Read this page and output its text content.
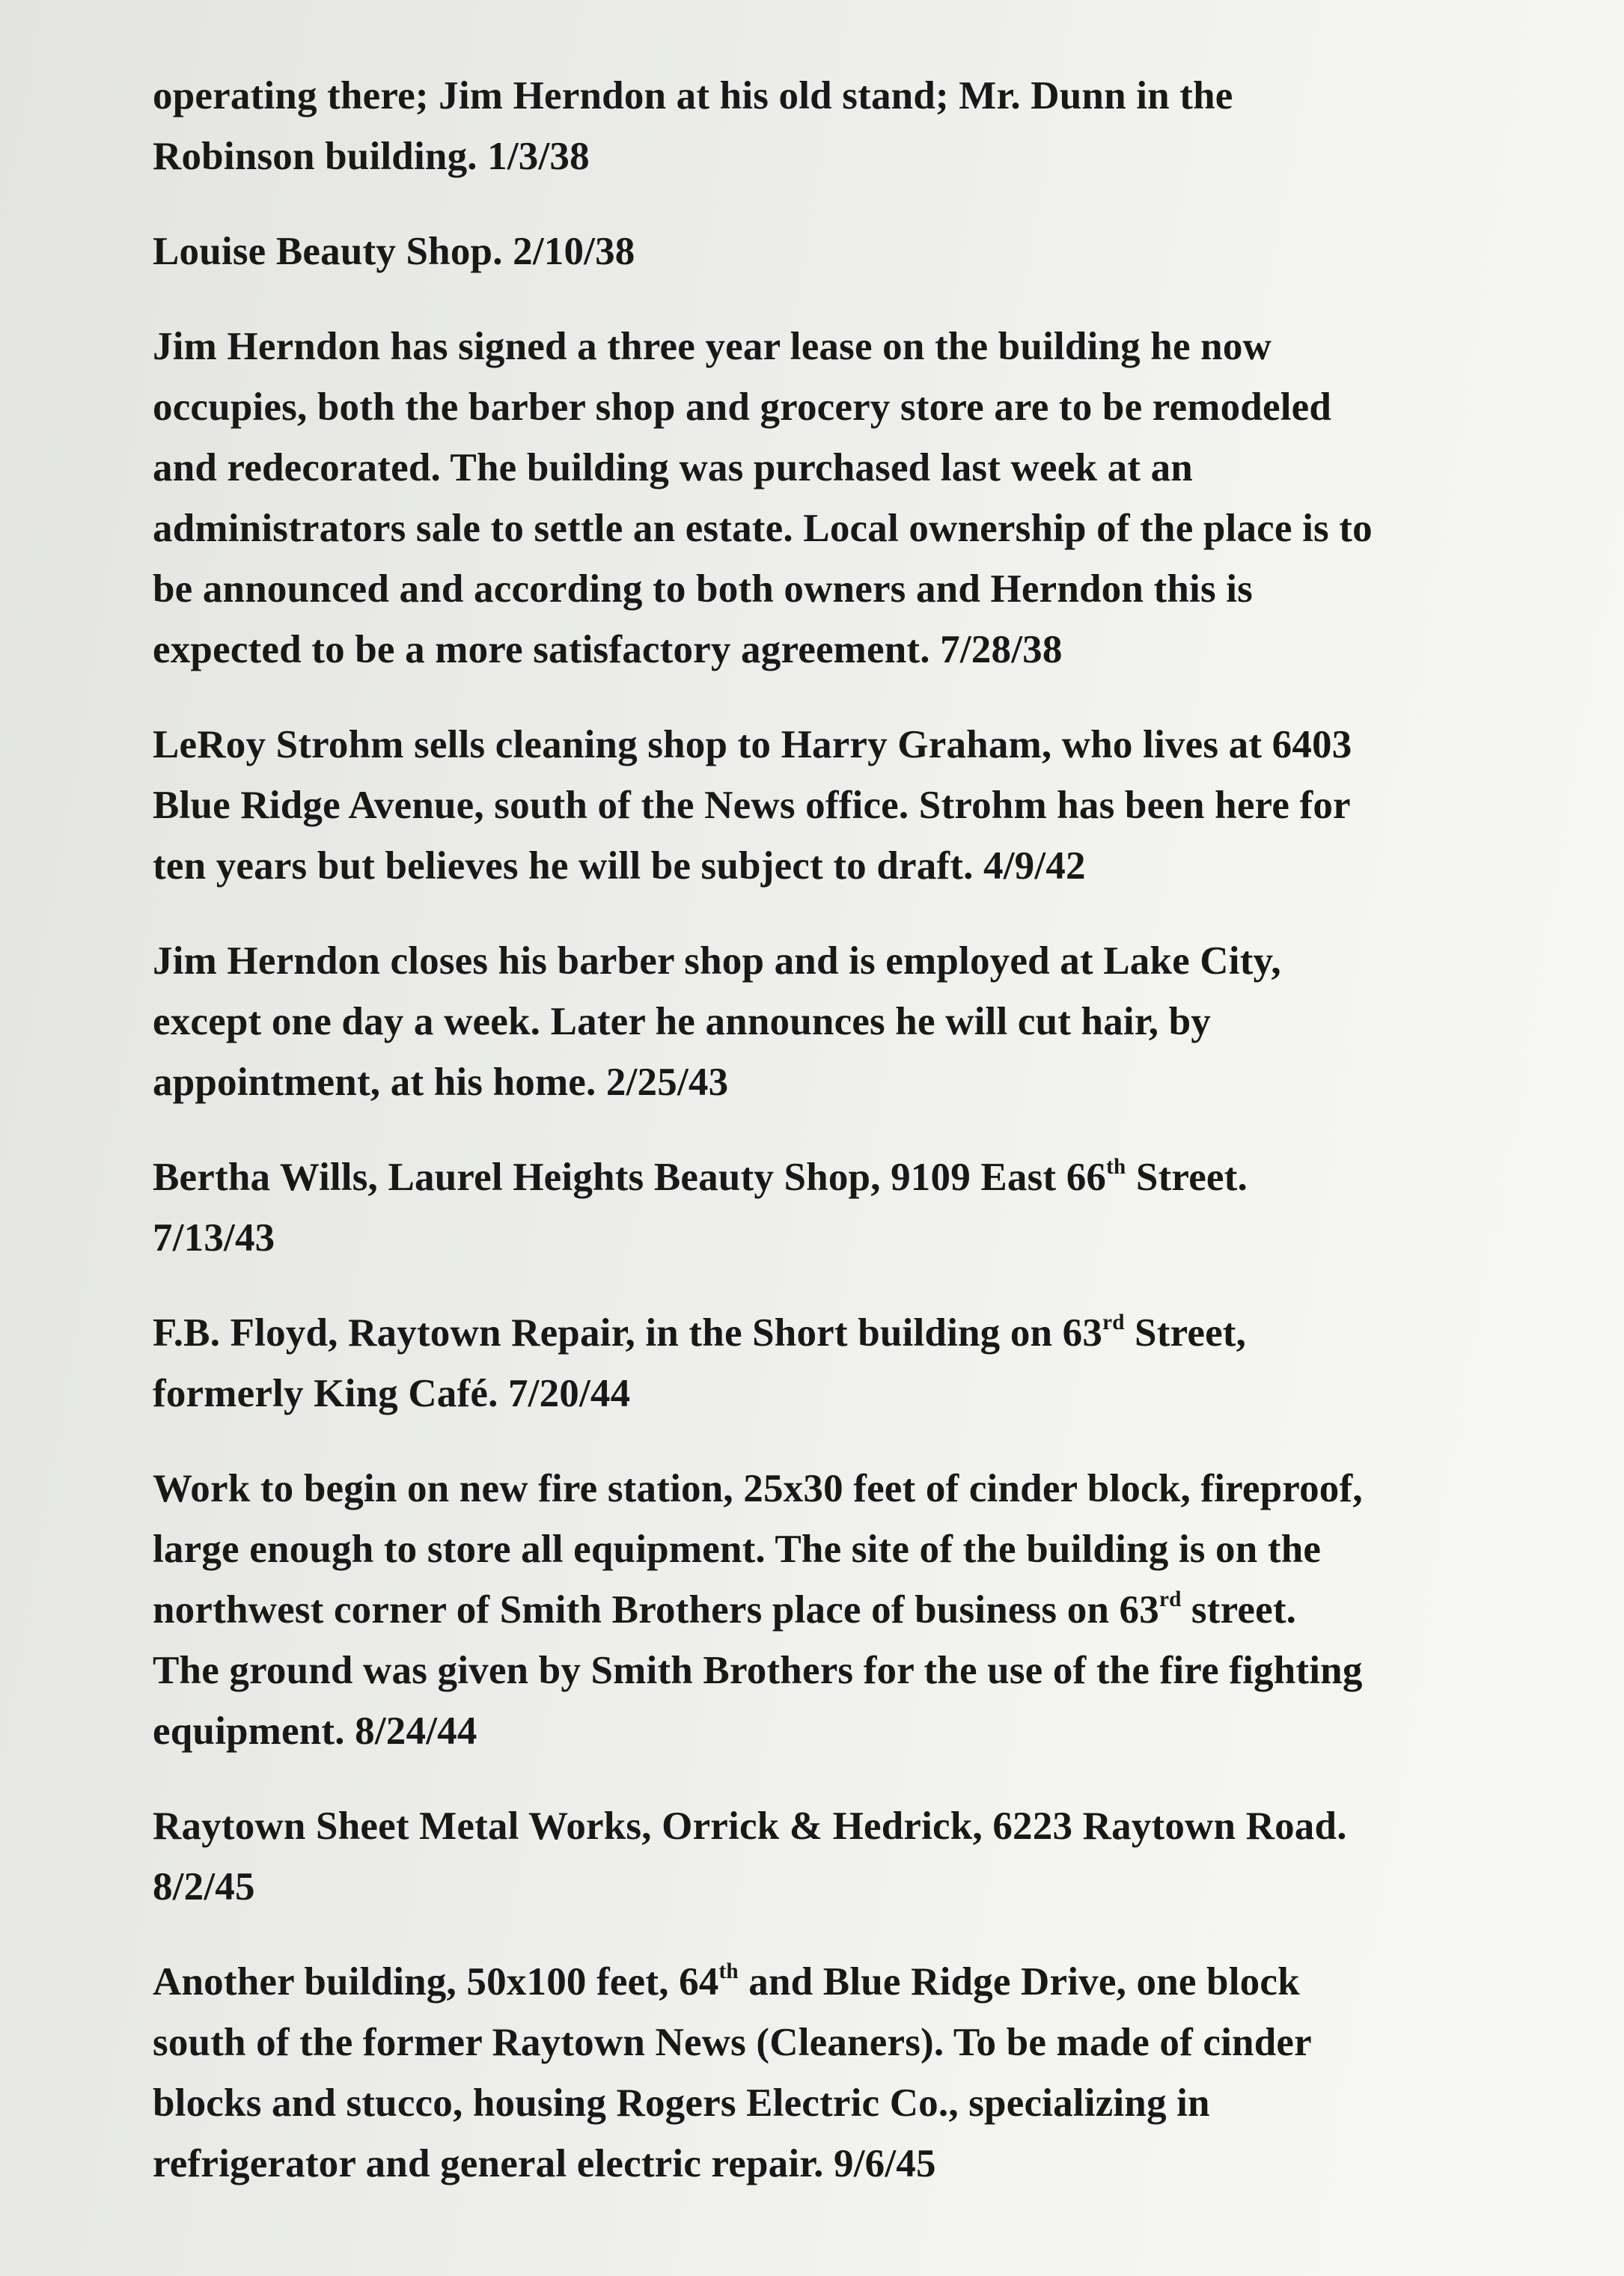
operating there; Jim Herndon at his old stand; Mr. Dunn in the
Robinson building. 1/3/38
Louise Beauty Shop. 2/10/38
Jim Herndon has signed a three year lease on the building he now
occupies, both the barber shop and grocery store are to be remodeled
and redecorated. The building was purchased last week at an
administrators sale to settle an estate. Local ownership of the place is to
be announced and according to both owners and Herndon this is
expected to be a more satisfactory agreement. 7/28/38
LeRoy Strohm sells cleaning shop to Harry Graham, who lives at 6403
Blue Ridge Avenue, south of the News office. Strohm has been here for
ten years but believes he will be subject to draft. 4/9/42
Jim Herndon closes his barber shop and is employed at Lake City,
except one day a week. Later he announces he will cut hair, by
appointment, at his home. 2/25/43
Bertha Wills, Laurel Heights Beauty Shop, 9109 East 66th Street.
7/13/43
F.B. Floyd, Raytown Repair, in the Short building on 63rd Street,
formerly King Café. 7/20/44
Work to begin on new fire station, 25x30 feet of cinder block, fireproof,
large enough to store all equipment. The site of the building is on the
northwest corner of Smith Brothers place of business on 63rd street.
The ground was given by Smith Brothers for the use of the fire fighting
equipment. 8/24/44
Raytown Sheet Metal Works, Orrick & Hedrick, 6223 Raytown Road.
8/2/45
Another building, 50x100 feet, 64th and Blue Ridge Drive, one block
south of the former Raytown News (Cleaners). To be made of cinder
blocks and stucco, housing Rogers Electric Co., specializing in
refrigerator and general electric repair. 9/6/45
